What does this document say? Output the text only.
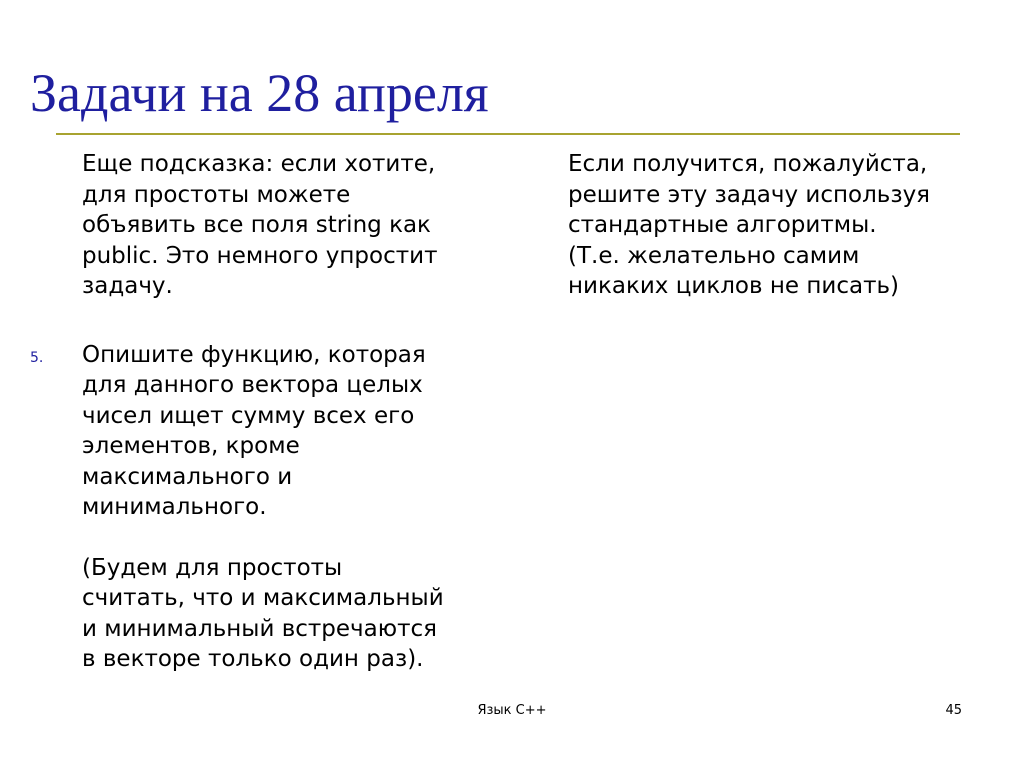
Задачи на 28 апреля

Еще подсказка: если хотите,
для простоты можете
объявить все поля string как
public. Это немного упростит
задачу.

5. Опишите функцию, которая
для данного вектора целых
чисел ищет сумму всех его
элементов, кроме
максимального и
минимального.

(Будем для простоты
считать, что и максимальный
и минимальный встречаются
в векторе только один раз).

Если получится, пожалуйста,
решите эту задачу используя
стандартные алгоритмы.
(Т.е. желательно самим
никаких циклов не писать)

Язык С++	45
